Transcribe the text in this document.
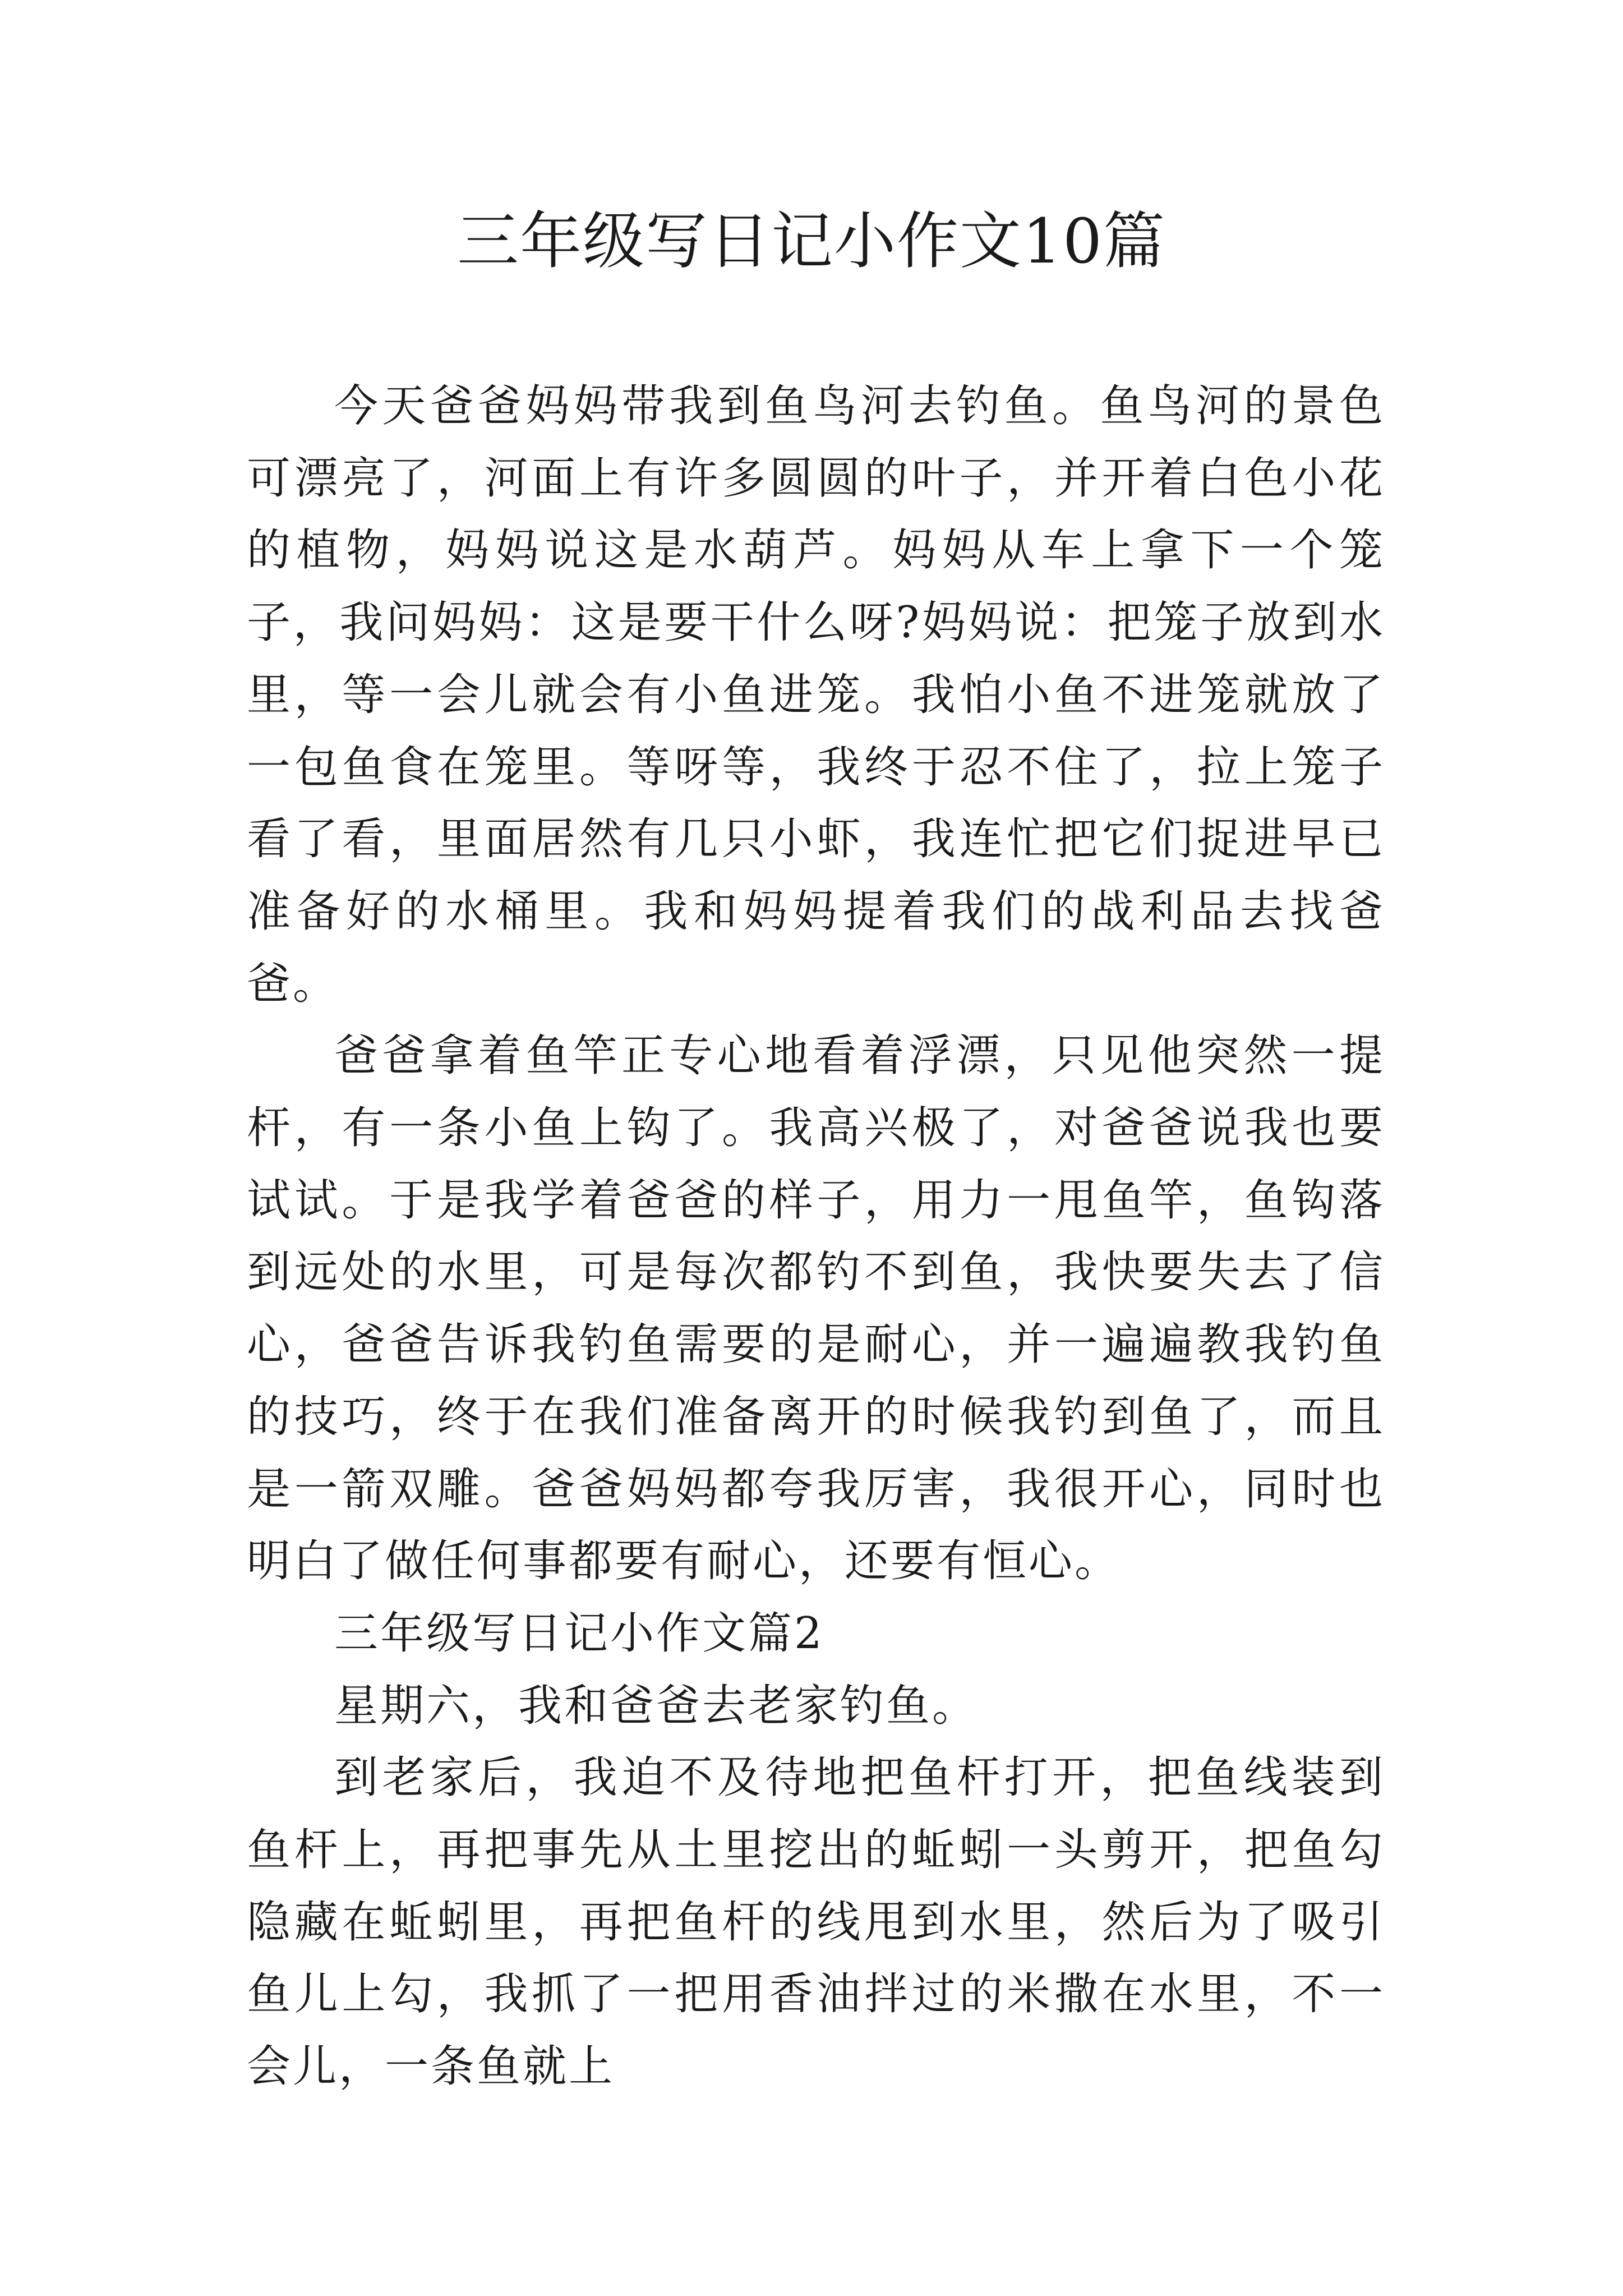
三年级写日记小作文10篇

今天爸爸妈妈带我到鱼鸟河去钓鱼。鱼鸟河的景色可漂亮了，河面上有许多圆圆的叶子，并开着白色小花的植物，妈妈说这是水葫芦。妈妈从车上拿下一个笼子，我问妈妈：这是要干什么呀?妈妈说：把笼子放到水里，等一会儿就会有小鱼进笼。我怕小鱼不进笼就放了一包鱼食在笼里。等呀等，我终于忍不住了，拉上笼子看了看，里面居然有几只小虾，我连忙把它们捉进早已准备好的水桶里。我和妈妈提着我们的战利品去找爸爸。

爸爸拿着鱼竿正专心地看着浮漂，只见他突然一提杆，有一条小鱼上钩了。我高兴极了，对爸爸说我也要试试。于是我学着爸爸的样子，用力一甩鱼竿，鱼钩落到远处的水里，可是每次都钓不到鱼，我快要失去了信心，爸爸告诉我钓鱼需要的是耐心，并一遍遍教我钓鱼的技巧，终于在我们准备离开的时候我钓到鱼了，而且是一箭双雕。爸爸妈妈都夸我厉害，我很开心，同时也明白了做任何事都要有耐心，还要有恒心。

三年级写日记小作文篇2

星期六，我和爸爸去老家钓鱼。

到老家后，我迫不及待地把鱼杆打开，把鱼线装到鱼杆上，再把事先从土里挖出的蚯蚓一头剪开，把鱼勾隐藏在蚯蚓里，再把鱼杆的线甩到水里，然后为了吸引鱼儿上勾，我抓了一把用香油拌过的米撒在水里，不一会儿，一条鱼就上
